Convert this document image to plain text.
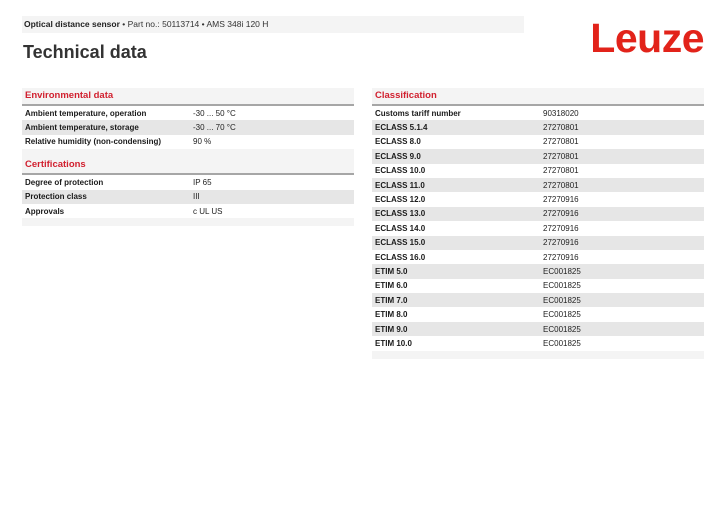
Optical distance sensor • Part no.: 50113714 • AMS 348i 120 H
Technical data	Leuze
Environmental data
Ambient temperature, operation	-30 ... 50 °C
Ambient temperature, storage	-30 ... 70 °C
Relative humidity (non-condensing)	90 %
Certifications
Degree of protection	IP 65
Protection class	III
Approvals	c UL US
Classification
Customs tariff number	90318020
ECLASS 5.1.4	27270801
ECLASS 8.0	27270801
ECLASS 9.0	27270801
ECLASS 10.0	27270801
ECLASS 11.0	27270801
ECLASS 12.0	27270916
ECLASS 13.0	27270916
ECLASS 14.0	27270916
ECLASS 15.0	27270916
ECLASS 16.0	27270916
ETIM 5.0	EC001825
ETIM 6.0	EC001825
ETIM 7.0	EC001825
ETIM 8.0	EC001825
ETIM 9.0	EC001825
ETIM 10.0	EC001825
